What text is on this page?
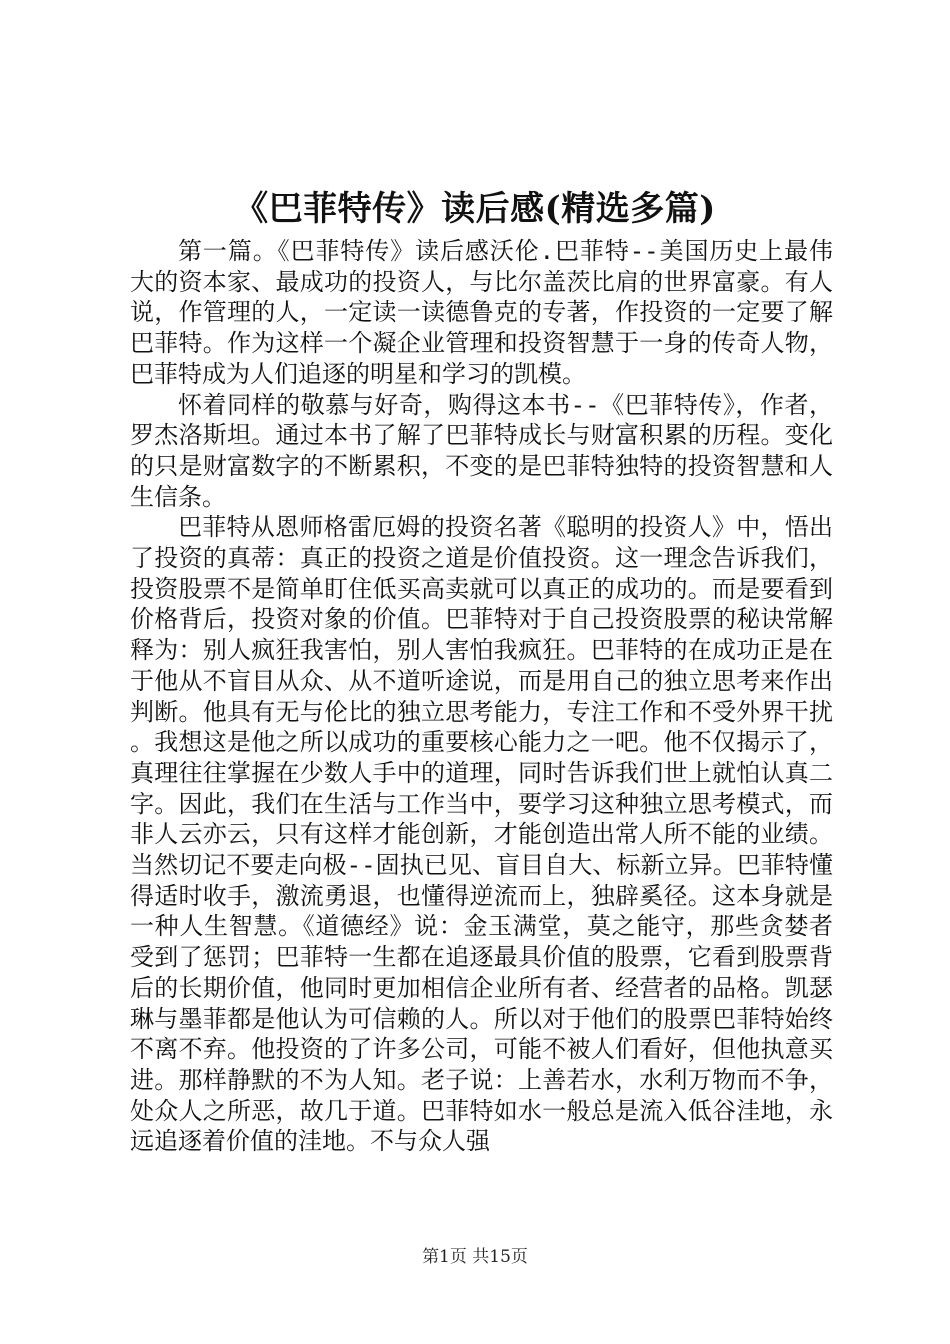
《巴菲特传》读后感(精选多篇)

第一篇。《巴菲特传》读后感沃伦.巴菲特--美国历史上最伟大的资本家、最成功的投资人，与比尔盖茨比肩的世界富豪。有人说，作管理的人，一定读一读德鲁克的专著，作投资的一定要了解巴菲特。作为这样一个凝企业管理和投资智慧于一身的传奇人物，巴菲特成为人们追逐的明星和学习的凯模。

怀着同样的敬慕与好奇，购得这本书--《巴菲特传》，作者，罗杰洛斯坦。通过本书了解了巴菲特成长与财富积累的历程。变化的只是财富数字的不断累积，不变的是巴菲特独特的投资智慧和人生信条。

巴菲特从恩师格雷厄姆的投资名著《聪明的投资人》中，悟出了投资的真蒂：真正的投资之道是价值投资。这一理念告诉我们，投资股票不是简单盯住低买高卖就可以真正的成功的。而是要看到价格背后，投资对象的价值。巴菲特对于自己投资股票的秘诀常解释为：别人疯狂我害怕，别人害怕我疯狂。巴菲特的在成功正是在于他从不盲目从众、从不道听途说，而是用自己的独立思考来作出判断。他具有无与伦比的独立思考能力，专注工作和不受外界干扰。我想这是他之所以成功的重要核心能力之一吧。他不仅揭示了，真理往往掌握在少数人手中的道理，同时告诉我们世上就怕认真二字。因此，我们在生活与工作当中，要学习这种独立思考模式，而非人云亦云，只有这样才能创新，才能创造出常人所不能的业绩。当然切记不要走向极--固执已见、盲目自大、标新立异。巴菲特懂得适时收手，激流勇退，也懂得逆流而上，独辟奚径。这本身就是一种人生智慧。《道德经》说：金玉满堂，莫之能守，那些贪婪者受到了惩罚；巴菲特一生都在追逐最具价值的股票，它看到股票背后的长期价值，他同时更加相信企业所有者、经营者的品格。凯瑟琳与墨菲都是他认为可信赖的人。所以对于他们的股票巴菲特始终不离不弃。他投资的了许多公司，可能不被人们看好，但他执意买进。那样静默的不为人知。老子说：上善若水，水利万物而不争，处众人之所恶，故几于道。巴菲特如水一般总是流入低谷洼地，永远追逐着价值的洼地。不与众人强

第1页 共15页
